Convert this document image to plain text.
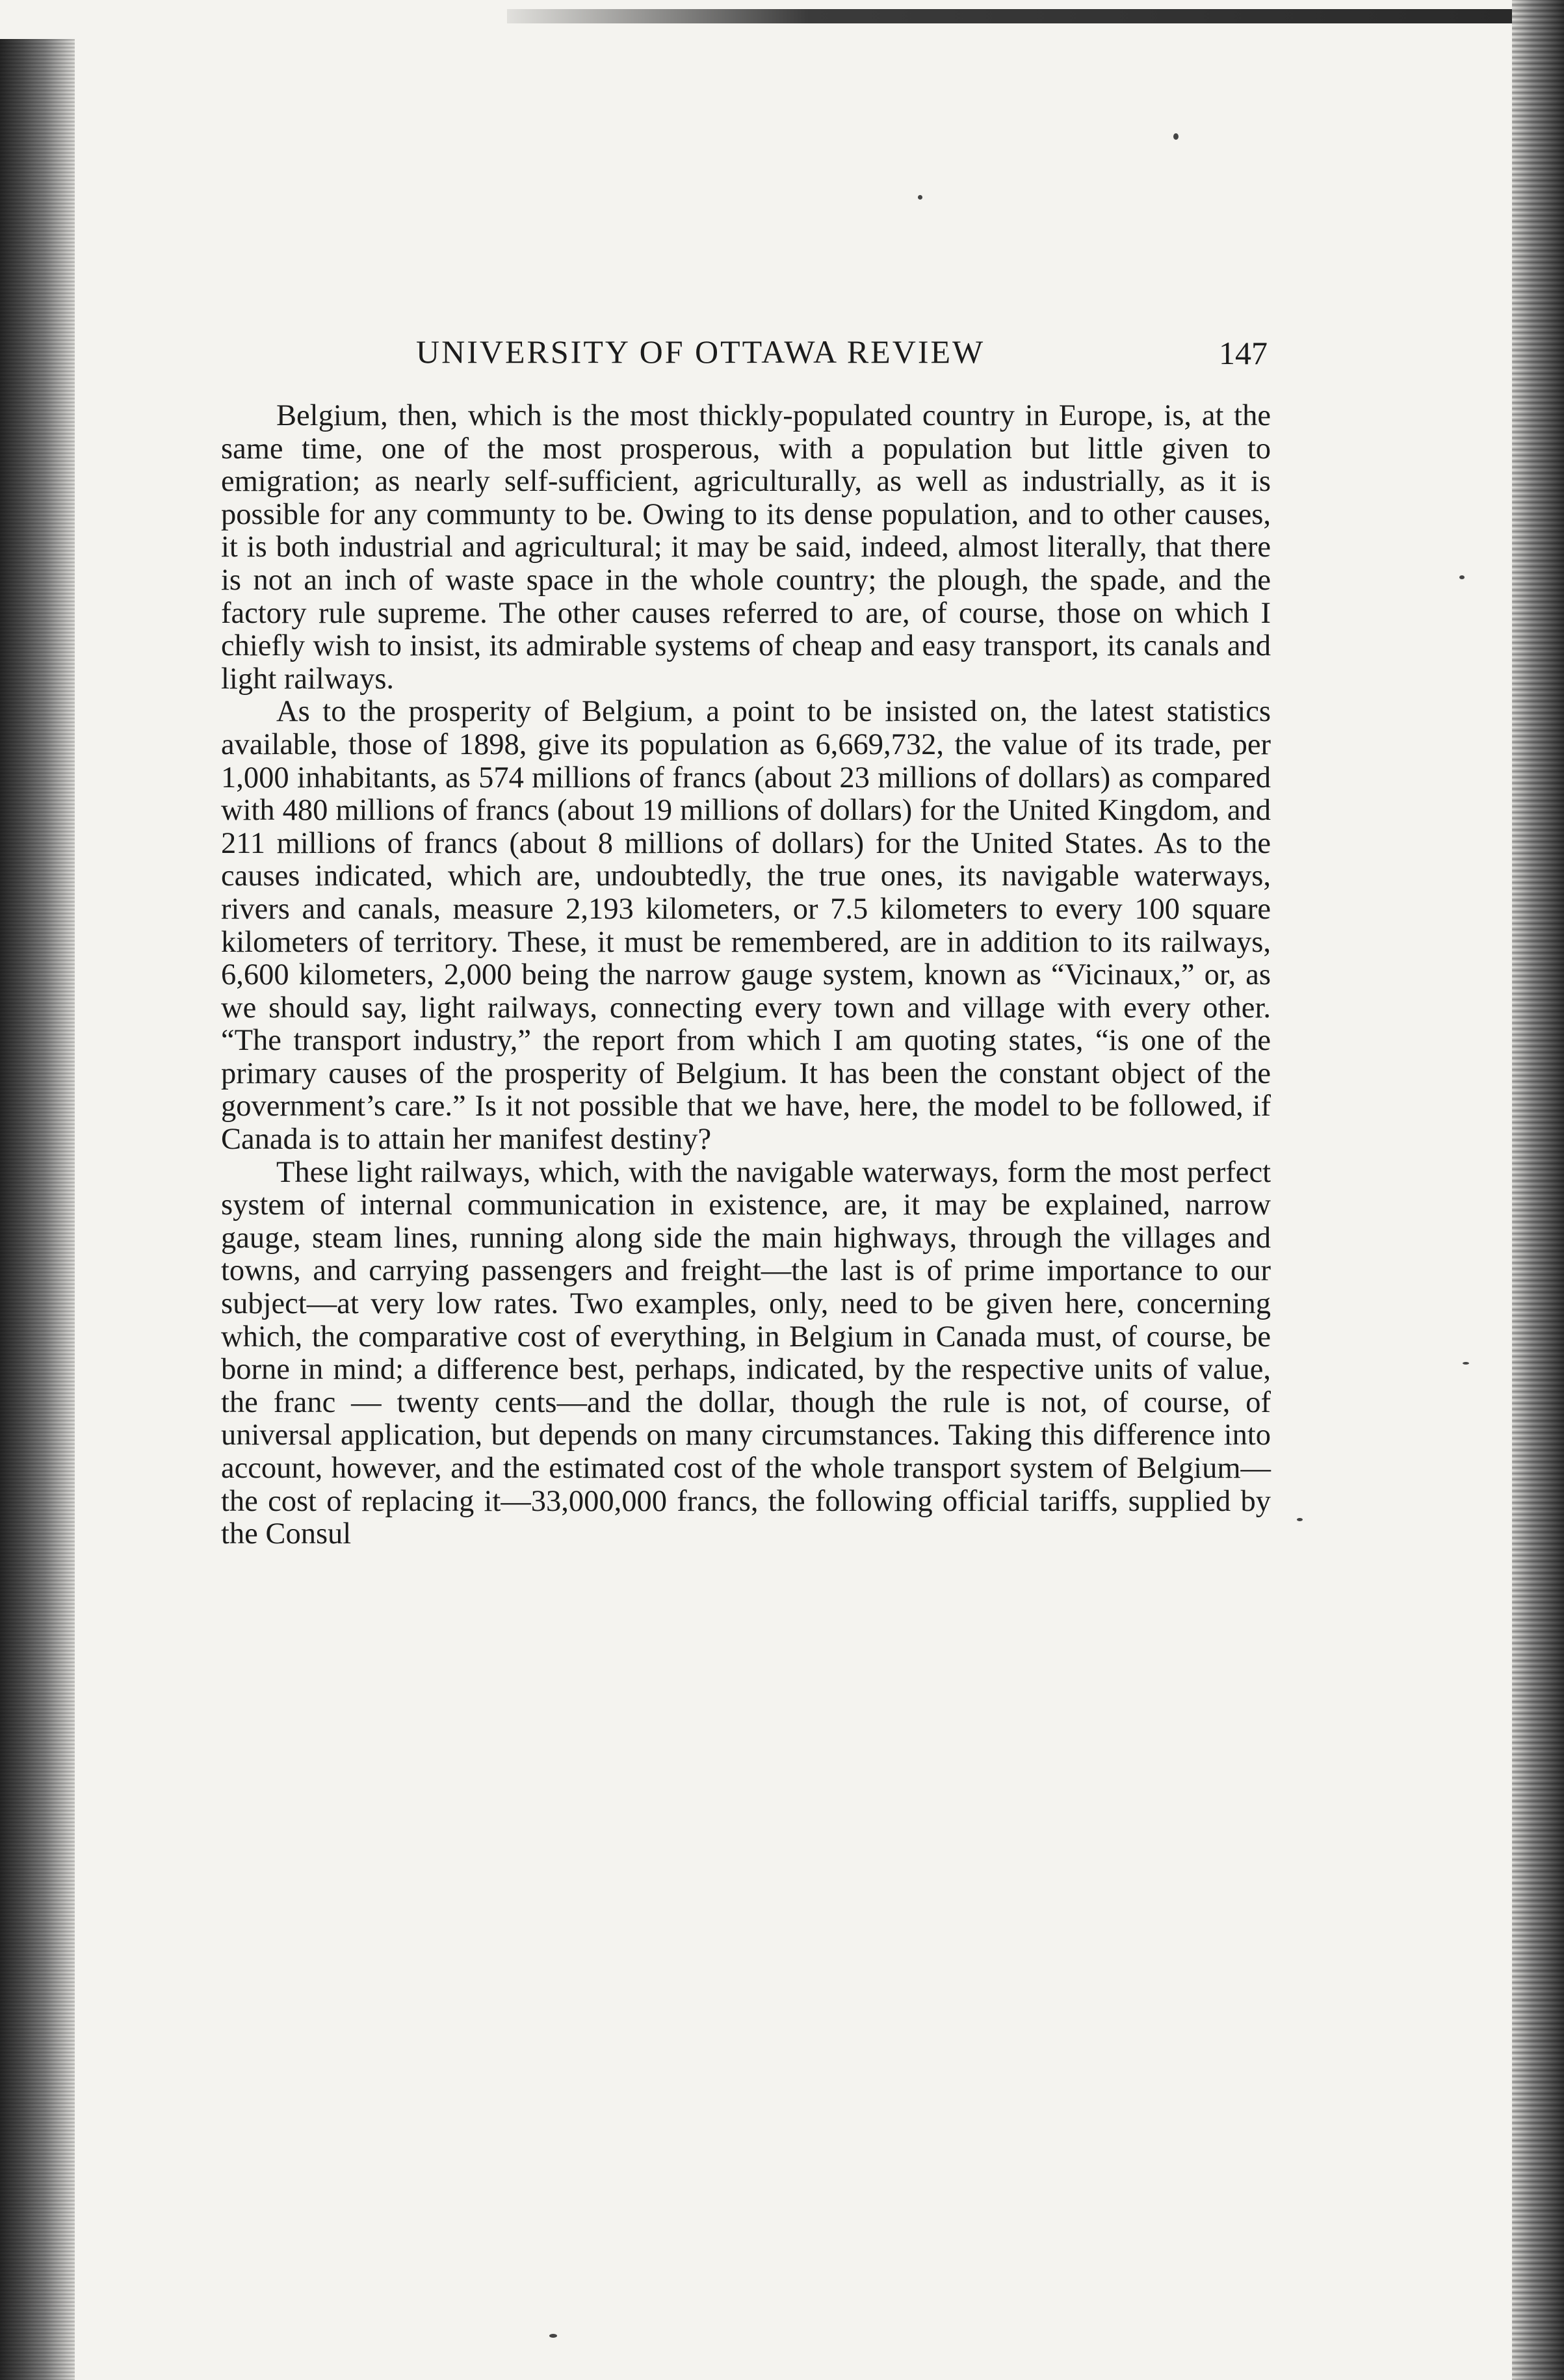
UNIVERSITY OF OTTAWA REVIEW	147

Belgium, then, which is the most thickly-populated country in Europe, is, at the same time, one of the most prosperous, with a population but little given to emigration; as nearly self-sufficient, agriculturally, as well as industrially, as it is possible for any communty to be. Owing to its dense population, and to other causes, it is both industrial and agricultural; it may be said, indeed, almost literally, that there is not an inch of waste space in the whole country; the plough, the spade, and the factory rule supreme. The other causes referred to are, of course, those on which I chiefly wish to insist, its admirable systems of cheap and easy transport, its canals and light railways.

As to the prosperity of Belgium, a point to be insisted on, the latest statistics available, those of 1898, give its population as 6,669,732, the value of its trade, per 1,000 inhabitants, as 574 millions of francs (about 23 millions of dollars) as compared with 480 millions of francs (about 19 millions of dollars) for the United Kingdom, and 211 millions of francs (about 8 millions of dollars) for the United States. As to the causes indicated, which are, undoubtedly, the true ones, its navigable waterways, rivers and canals, measure 2,193 kilometers, or 7.5 kilometers to every 100 square kilometers of territory. These, it must be remembered, are in addition to its railways, 6,600 kilometers, 2,000 being the narrow gauge system, known as “Vicinaux,” or, as we should say, light railways, connecting every town and village with every other. “The transport industry,” the report from which I am quoting states, “is one of the primary causes of the prosperity of Belgium. It has been the constant object of the government’s care.” Is it not possible that we have, here, the model to be followed, if Canada is to attain her manifest destiny?

These light railways, which, with the navigable waterways, form the most perfect system of internal communication in existence, are, it may be explained, narrow gauge, steam lines, running along side the main highways, through the villages and towns, and carrying passengers and freight—the last is of prime importance to our subject—at very low rates. Two examples, only, need to be given here, concerning which, the comparative cost of everything, in Belgium in Canada must, of course, be borne in mind; a difference best, perhaps, indicated, by the respective units of value, the franc — twenty cents—and the dollar, though the rule is not, of course, of universal application, but depends on many circumstances. Taking this difference into account, however, and the estimated cost of the whole transport system of Belgium—the cost of replacing it—33,000,000 francs, the following official tariffs, supplied by the Consul
